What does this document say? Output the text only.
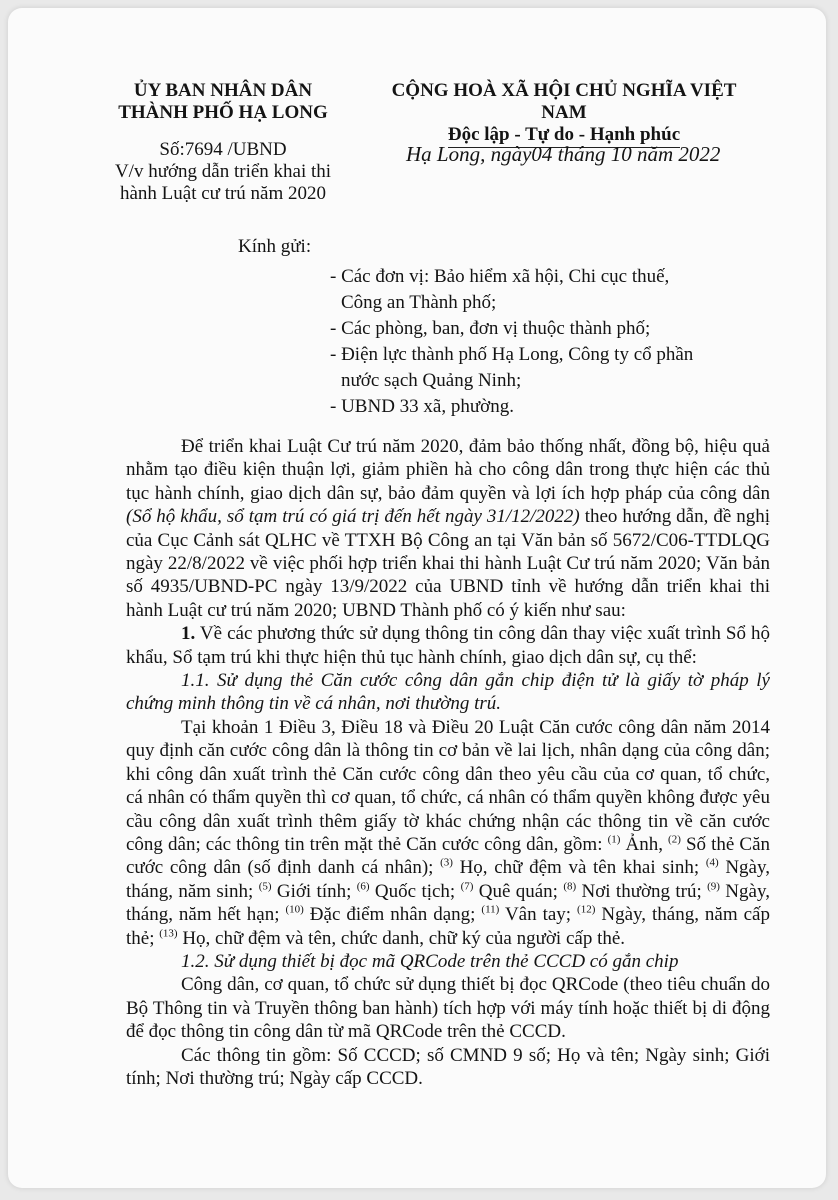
ỦY BAN NHÂN DÂN
THÀNH PHỐ HẠ LONG
Số:7694 /UBND
V/v hướng dẫn triển khai thi
hành Luật cư trú năm 2020
CỘNG HOÀ XÃ HỘI CHỦ NGHĨA VIỆT NAM
Độc lập - Tự do - Hạnh phúc
Hạ Long, ngày04 tháng 10 năm 2022
Kính gửi:
- Các đơn vị: Bảo hiểm xã hội, Chi cục thuế,
Công an Thành phố;
- Các phòng, ban, đơn vị thuộc thành phố;
- Điện lực thành phố Hạ Long, Công ty cổ phần
nước sạch Quảng Ninh;
- UBND 33 xã, phường.

Để triển khai Luật Cư trú năm 2020, đảm bảo thống nhất, đồng bộ, hiệu quả nhằm tạo điều kiện thuận lợi, giảm phiền hà cho công dân trong thực hiện các thủ tục hành chính, giao dịch dân sự, bảo đảm quyền và lợi ích hợp pháp của công dân (Sổ hộ khẩu, sổ tạm trú có giá trị đến hết ngày 31/12/2022) theo hướng dẫn, đề nghị của Cục Cảnh sát QLHC về TTXH Bộ Công an tại Văn bản số 5672/C06-TTDLQG ngày 22/8/2022 về việc phối hợp triển khai thi hành Luật Cư trú năm 2020; Văn bản số 4935/UBND-PC ngày 13/9/2022 của UBND tỉnh về hướng dẫn triển khai thi hành Luật cư trú năm 2020; UBND Thành phố có ý kiến như sau:

1. Về các phương thức sử dụng thông tin công dân thay việc xuất trình Sổ hộ khẩu, Sổ tạm trú khi thực hiện thủ tục hành chính, giao dịch dân sự, cụ thể:

1.1. Sử dụng thẻ Căn cước công dân gắn chip điện tử là giấy tờ pháp lý chứng minh thông tin về cá nhân, nơi thường trú.

Tại khoản 1 Điều 3, Điều 18 và Điều 20 Luật Căn cước công dân năm 2014 quy định căn cước công dân là thông tin cơ bản về lai lịch, nhân dạng của công dân; khi công dân xuất trình thẻ Căn cước công dân theo yêu cầu của cơ quan, tổ chức, cá nhân có thẩm quyền thì cơ quan, tổ chức, cá nhân có thẩm quyền không được yêu cầu công dân xuất trình thêm giấy tờ khác chứng nhận các thông tin về căn cước công dân; các thông tin trên mặt thẻ Căn cước công dân, gồm: $^{(1)}$ Ảnh, $^{(2)}$ Số thẻ Căn cước công dân (số định danh cá nhân); $^{(3)}$ Họ, chữ đệm và tên khai sinh; $^{(4)}$ Ngày, tháng, năm sinh; $^{(5)}$ Giới tính; $^{(6)}$ Quốc tịch; $^{(7)}$ Quê quán; $^{(8)}$ Nơi thường trú; $^{(9)}$ Ngày, tháng, năm hết hạn; $^{(10)}$ Đặc điểm nhân dạng; $^{(11)}$ Vân tay; $^{(12)}$ Ngày, tháng, năm cấp thẻ; $^{(13)}$ Họ, chữ đệm và tên, chức danh, chữ ký của người cấp thẻ.

1.2. Sử dụng thiết bị đọc mã QRCode trên thẻ CCCD có gắn chip

Công dân, cơ quan, tổ chức sử dụng thiết bị đọc QRCode (theo tiêu chuẩn do Bộ Thông tin và Truyền thông ban hành) tích hợp với máy tính hoặc thiết bị di động để đọc thông tin công dân từ mã QRCode trên thẻ CCCD.

Các thông tin gồm: Số CCCD; số CMND 9 số; Họ và tên; Ngày sinh; Giới tính; Nơi thường trú; Ngày cấp CCCD.
